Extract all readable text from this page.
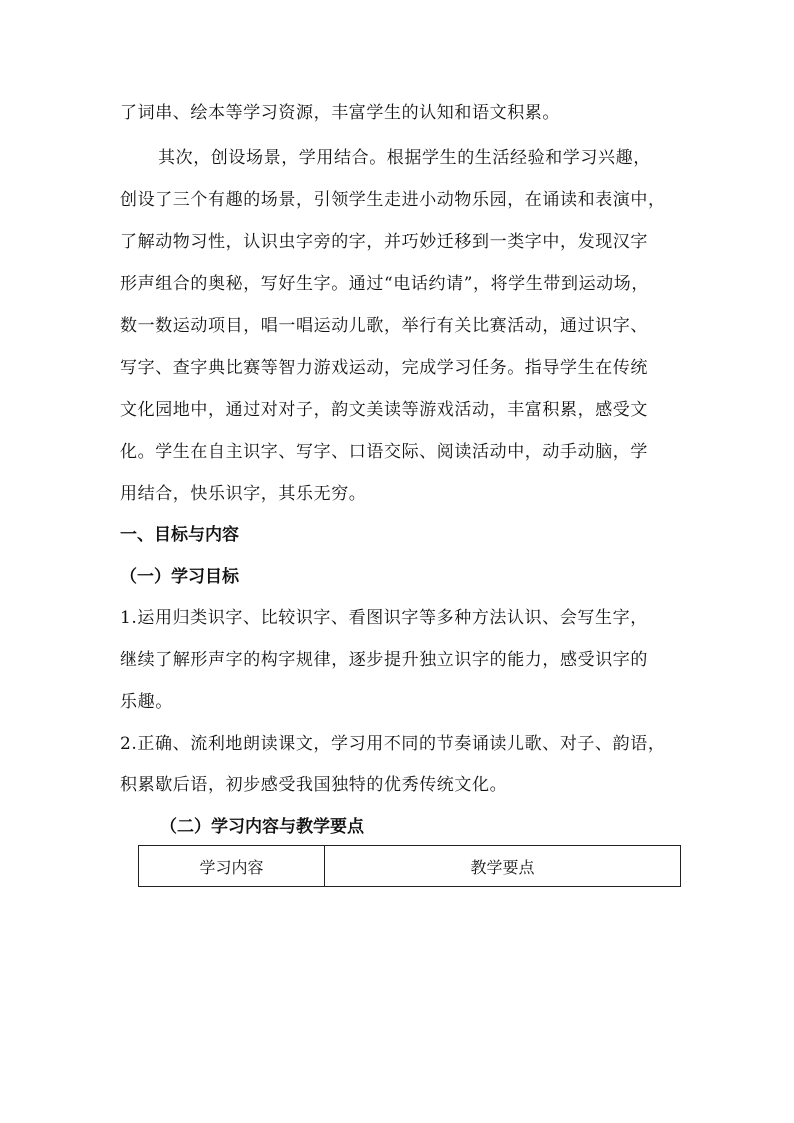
了词串、绘本等学习资源，丰富学生的认知和语文积累。
其次，创设场景，学用结合。根据学生的生活经验和学习兴趣，
创设了三个有趣的场景，引领学生走进小动物乐园，在诵读和表演中，
了解动物习性，认识虫字旁的字，并巧妙迁移到一类字中，发现汉字
形声组合的奥秘，写好生字。通过“电话约请”，将学生带到运动场，
数一数运动项目，唱一唱运动儿歌，举行有关比赛活动，通过识字、
写字、查字典比赛等智力游戏运动，完成学习任务。指导学生在传统
文化园地中，通过对对子，韵文美读等游戏活动，丰富积累，感受文
化。学生在自主识字、写字、口语交际、阅读活动中，动手动脑，学
用结合，快乐识字，其乐无穷。
一、目标与内容
（一）学习目标
1.运用归类识字、比较识字、看图识字等多种方法认识、会写生字，
继续了解形声字的构字规律，逐步提升独立识字的能力，感受识字的
乐趣。
2.正确、流利地朗读课文，学习用不同的节奏诵读儿歌、对子、韵语，
积累歇后语，初步感受我国独特的优秀传统文化。
（二）学习内容与教学要点
学习内容	教学要点
